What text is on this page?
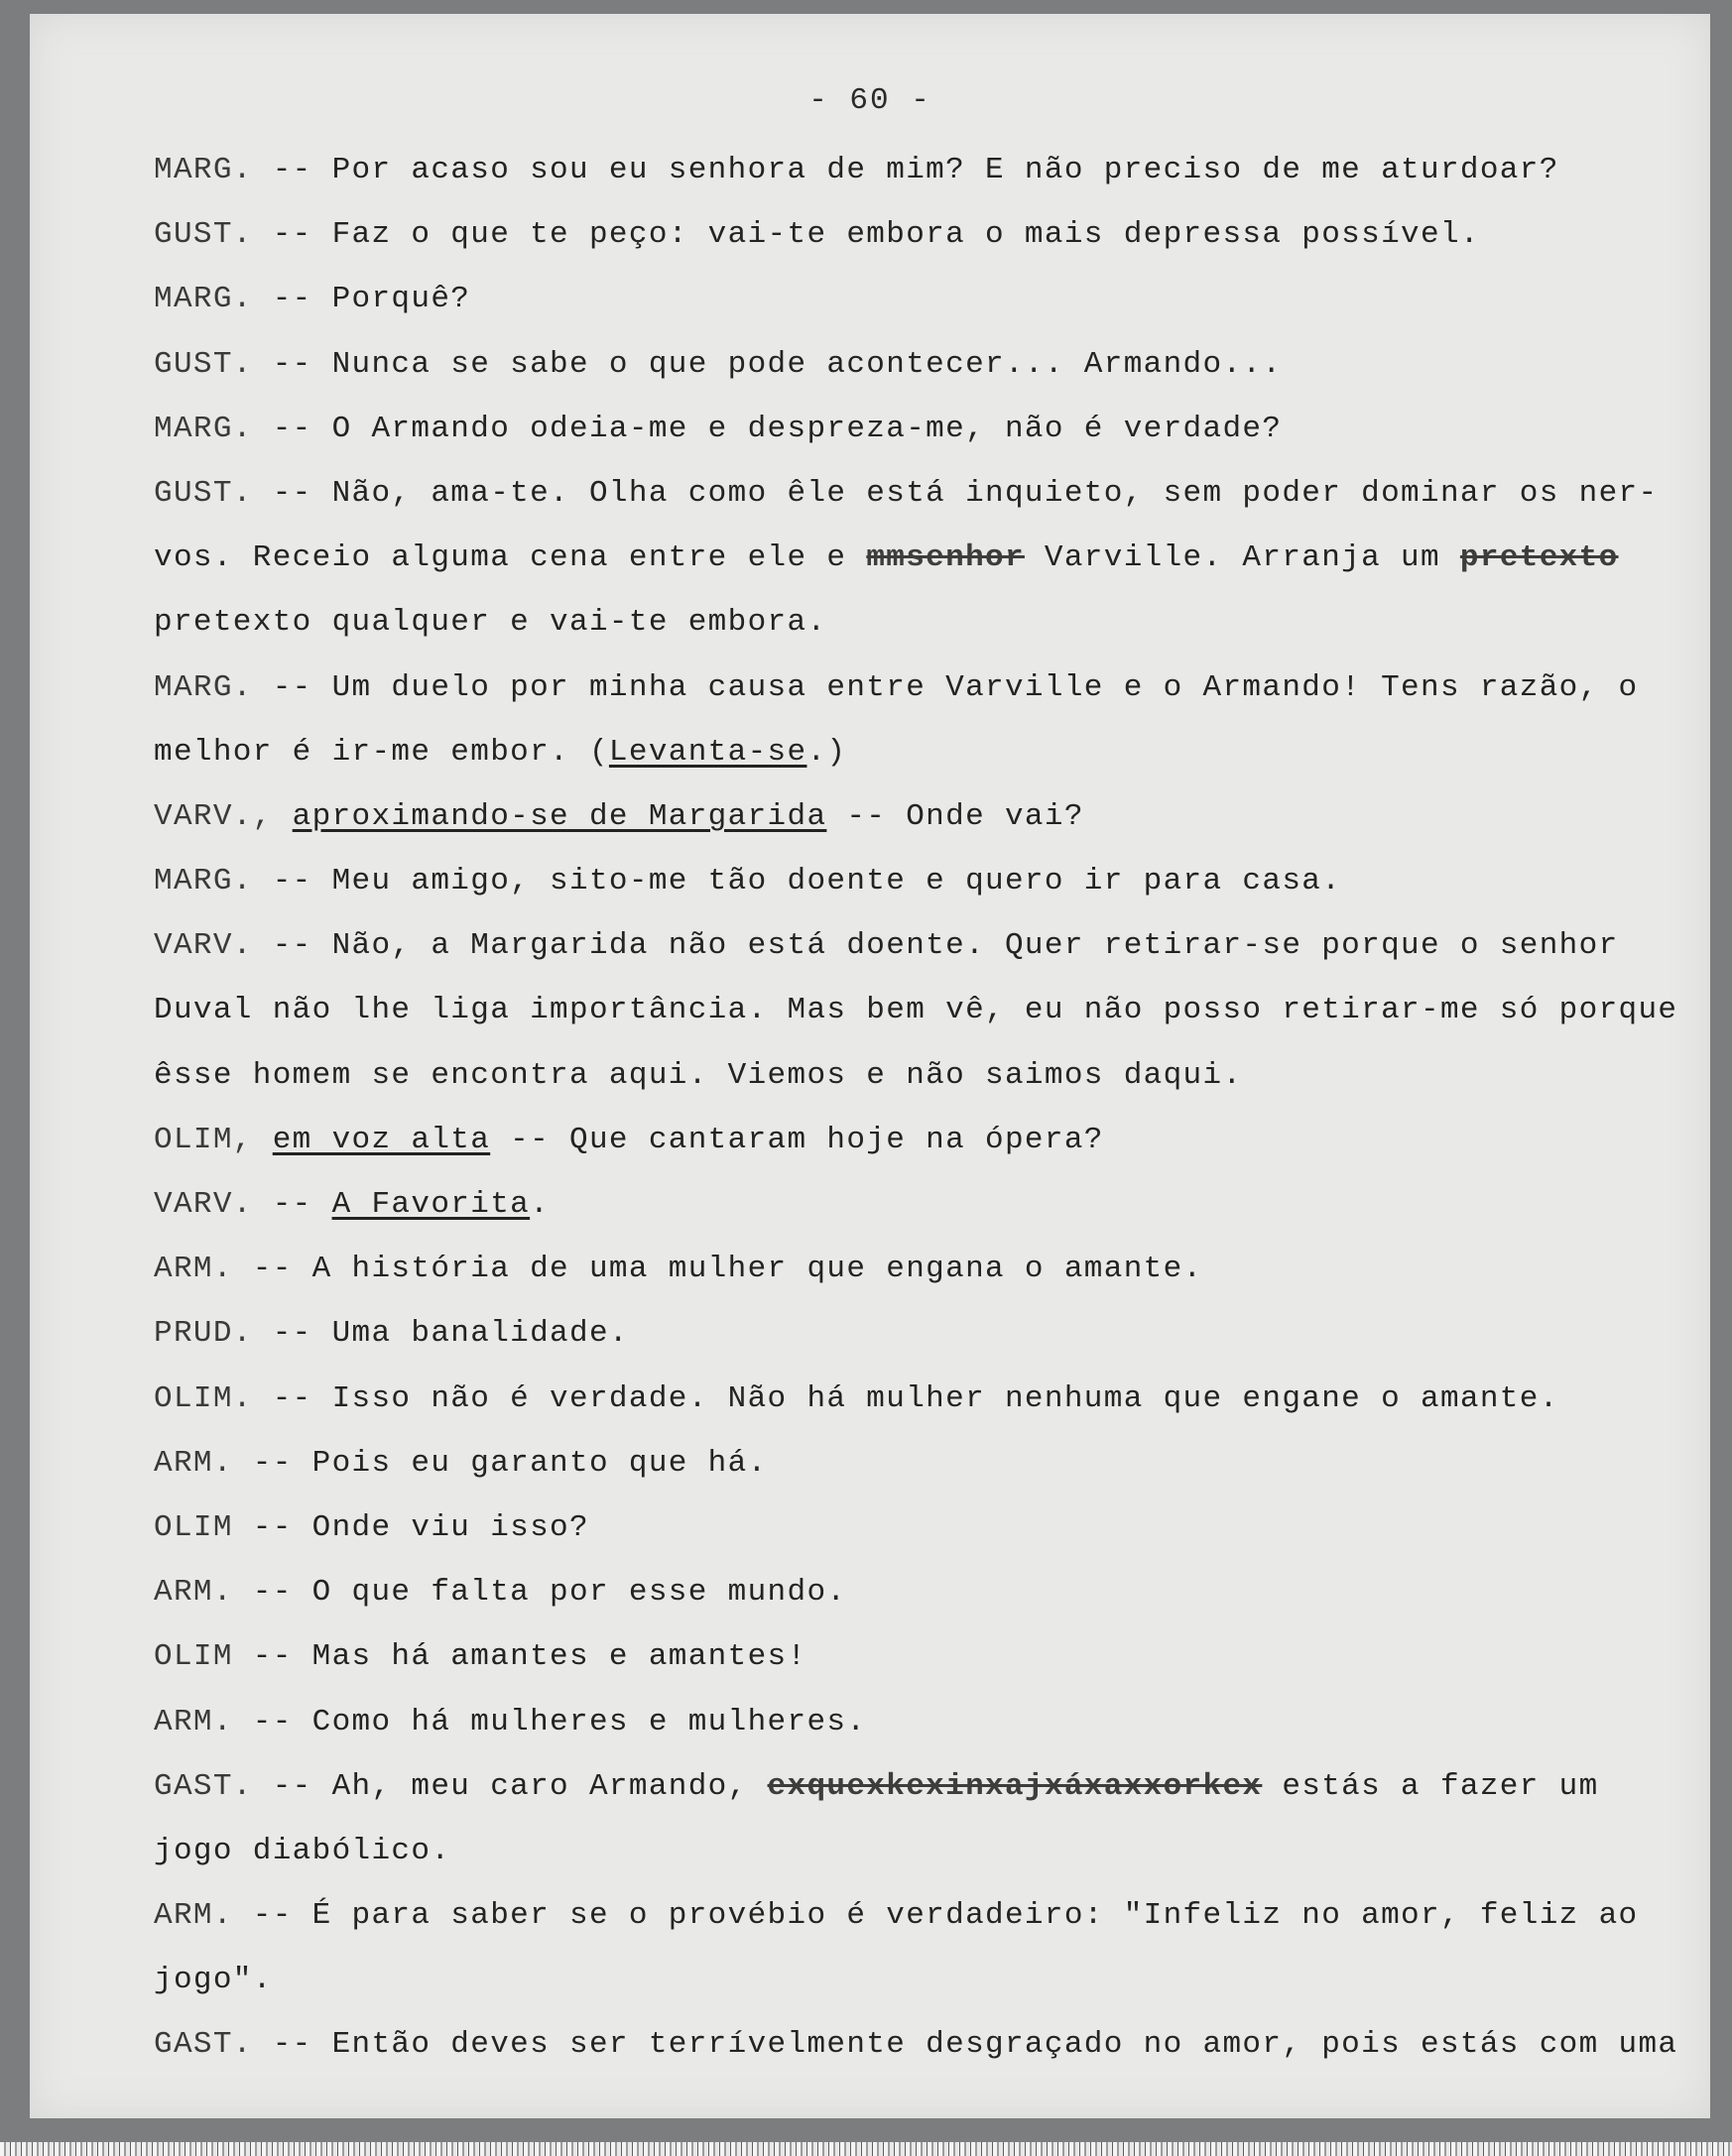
- 60 -
MARG. -- Por acaso sou eu senhora de mim? E não preciso de me aturdoar?
GUST. -- Faz o que te peço: vai-te embora o mais depressa possível.
MARG. -- Porquê?
GUST. -- Nunca se sabe o que pode acontecer... Armando...
MARG. -- O Armando odeia-me e despreza-me, não é verdade?
GUST. -- Não, ama-te. Olha como êle está inquieto, sem poder dominar os ner-
vos. Receio alguma cena entre ele e mmsenhor Varville. Arranja um pretexto
pretexto qualquer e vai-te embora.
MARG. -- Um duelo por minha causa entre Varville e o Armando! Tens razão, o
melhor é ir-me embor. (Levanta-se.)
VARV., aproximando-se de Margarida -- Onde vai?
MARG. -- Meu amigo, sito-me tão doente e quero ir para casa.
VARV. -- Não, a Margarida não está doente. Quer retirar-se porque o senhor
Duval não lhe liga importância. Mas bem vê, eu não posso retirar-me só porque
êsse homem se encontra aqui. Viemos e não saimos daqui.
OLIM, em voz alta -- Que cantaram hoje na ópera?
VARV. -- A Favorita.
ARM. -- A história de uma mulher que engana o amante.
PRUD. -- Uma banalidade.
OLIM. -- Isso não é verdade. Não há mulher nenhuma que engane o amante.
ARM. -- Pois eu garanto que há.
OLIM -- Onde viu isso?
ARM. -- O que falta por esse mundo.
OLIM -- Mas há amantes e amantes!
ARM. -- Como há mulheres e mulheres.
GAST. -- Ah, meu caro Armando, exquexkexinxajxáxaxxorkex estás a fazer um
jogo diabólico.
ARM. -- É para saber se o provébio é verdadeiro: "Infeliz no amor, feliz ao
jogo".
GAST. -- Então deves ser terrívelmente desgraçado no amor, pois estás com uma
